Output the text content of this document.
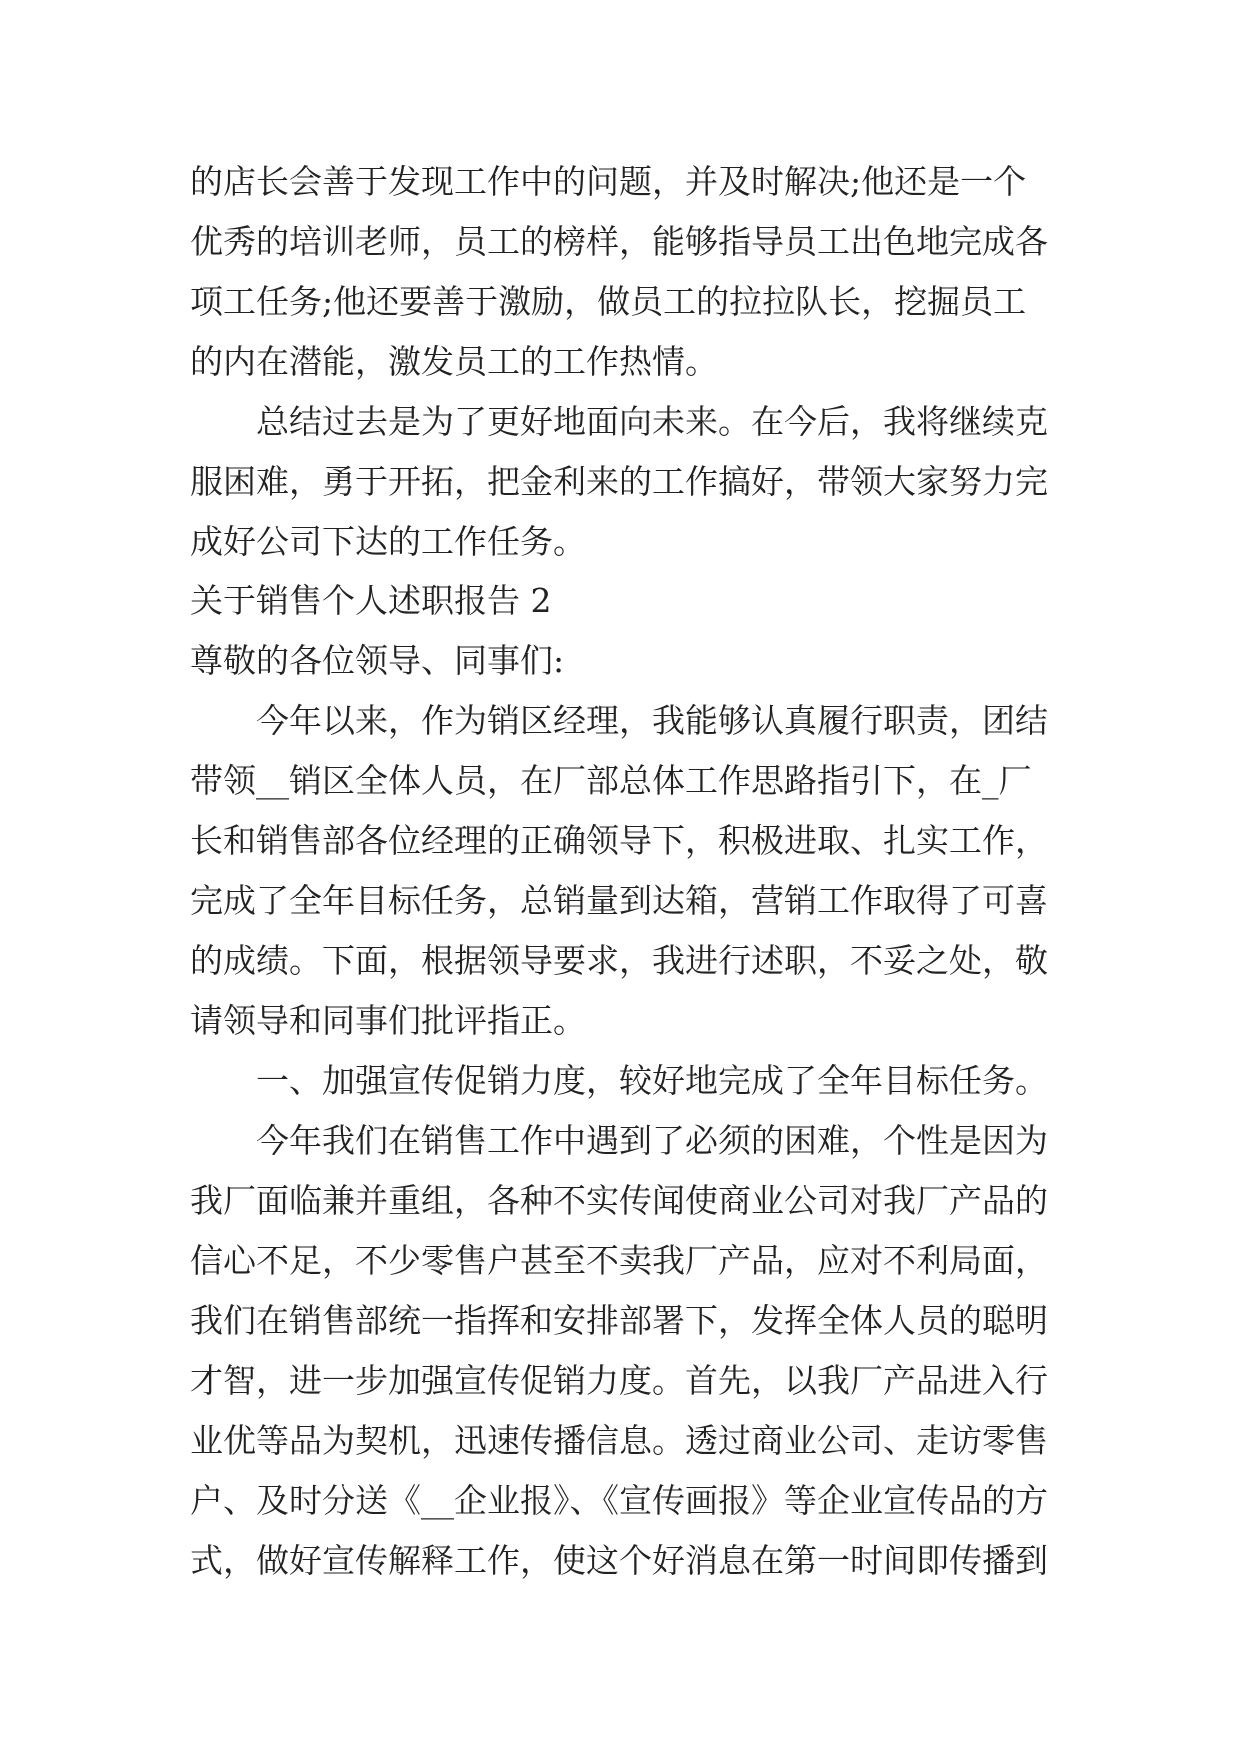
的店长会善于发现工作中的问题，并及时解决;他还是一个
优秀的培训老师，员工的榜样，能够指导员工出色地完成各
项工任务;他还要善于激励，做员工的拉拉队长，挖掘员工
的内在潜能，激发员工的工作热情。
总结过去是为了更好地面向未来。在今后，我将继续克
服困难，勇于开拓，把金利来的工作搞好，带领大家努力完
成好公司下达的工作任务。
关于销售个人述职报告 2
尊敬的各位领导、同事们:
今年以来，作为销区经理，我能够认真履行职责，团结
带领__销区全体人员，在厂部总体工作思路指引下，在_厂
长和销售部各位经理的正确领导下，积极进取、扎实工作，
完成了全年目标任务，总销量到达箱，营销工作取得了可喜
的成绩。下面，根据领导要求，我进行述职，不妥之处，敬
请领导和同事们批评指正。
一、加强宣传促销力度，较好地完成了全年目标任务。
今年我们在销售工作中遇到了必须的困难，个性是因为
我厂面临兼并重组，各种不实传闻使商业公司对我厂产品的
信心不足，不少零售户甚至不卖我厂产品，应对不利局面，
我们在销售部统一指挥和安排部署下，发挥全体人员的聪明
才智，进一步加强宣传促销力度。首先，以我厂产品进入行
业优等品为契机，迅速传播信息。透过商业公司、走访零售
户、及时分送《__企业报》、《宣传画报》等企业宣传品的方
式，做好宣传解释工作，使这个好消息在第一时间即传播到
